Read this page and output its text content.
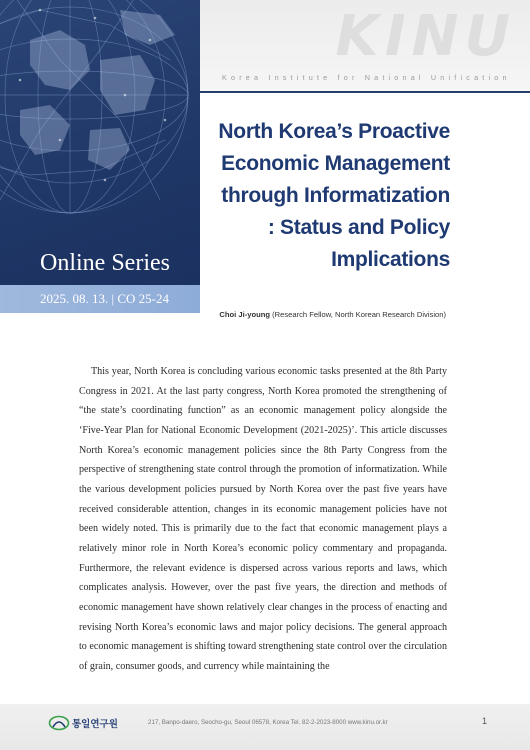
KINU
Korea Institute for National Unification
Online Series
2025. 08. 13. | CO 25-24
North Korea’s Proactive
Economic Management
through Informatization
: Status and Policy
Implications
Choi Ji-young (Research Fellow, North Korean Research Division)
This year, North Korea is concluding various economic tasks presented at the 8th Party Congress in 2021. At the last party congress, North Korea promoted the strengthening of “the state’s coordinating function” as an economic management policy alongside the ‘Five-Year Plan for National Economic Development (2021-2025)’. This article discusses North Korea’s economic management policies since the 8th Party Congress from the perspective of strengthening state control through the promotion of informatization. While the various development policies pursued by North Korea over the past five years have received considerable attention, changes in its economic management policies have not been widely noted. This is primarily due to the fact that economic management plays a relatively minor role in North Korea’s economic policy commentary and propaganda. Furthermore, the relevant evidence is dispersed across various reports and laws, which complicates analysis. However, over the past five years, the direction and methods of economic management have shown relatively clear changes in the process of enacting and revising North Korea’s economic laws and major policy decisions. The general approach to economic management is shifting toward strengthening state control over the circulation of grain, consumer goods, and currency while maintaining the
통일연구원	217, Banpo-daero, Seocho-gu, Seoul 06578, Korea Tel. 82-2-2023-8000 www.kinu.or.kr	1
